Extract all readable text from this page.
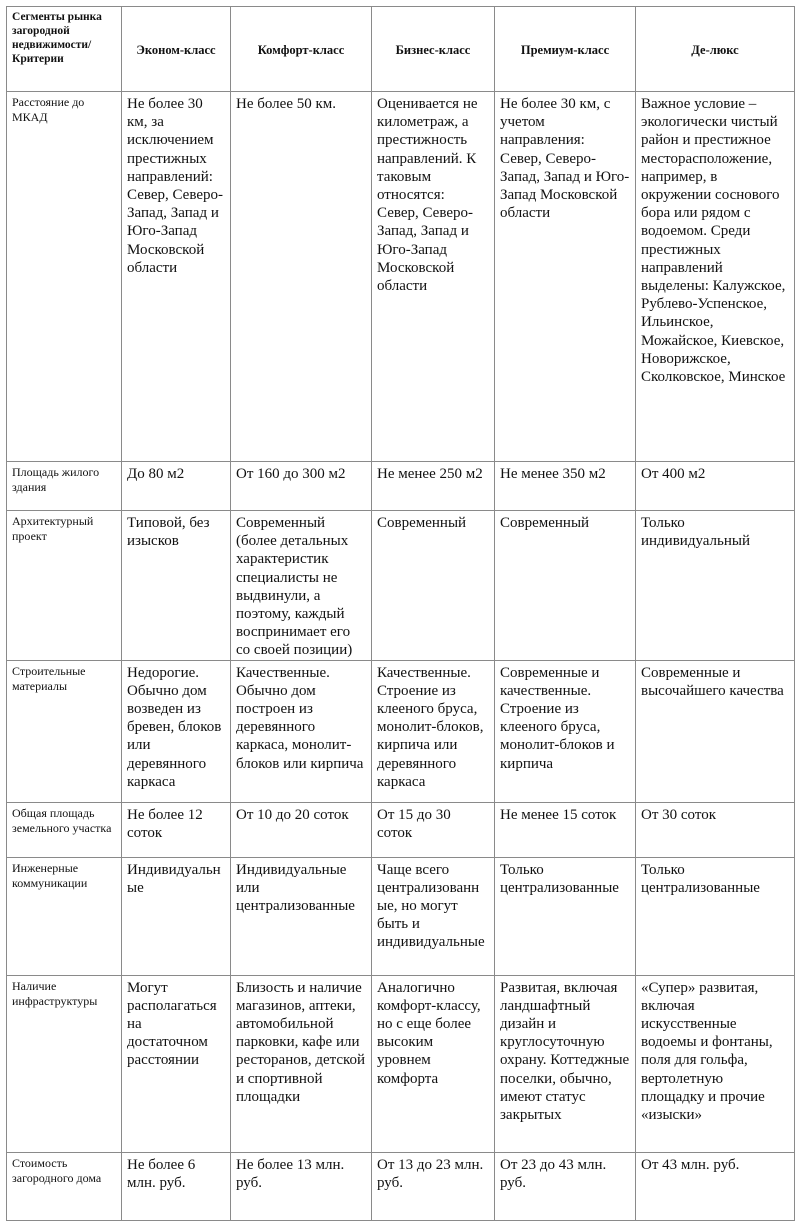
Сегменты рынка загородной недвижимости/ Критерии	Эконом-класс	Комфорт-класс	Бизнес-класс	Премиум-класс	Де-люкс
Расстояние до МКАД	Не более 30 км, за исключением престижных направлений: Север, Северо-Запад, Запад и Юго-Запад Московской области	Не более 50 км.	Оценивается не километраж, а престижность направлений. К таковым относятся: Север, Северо-Запад, Запад и Юго-Запад Московской области	Не более 30 км, с учетом направления: Север, Северо-Запад, Запад и Юго-Запад Московской области	Важное условие – экологически чистый район и престижное месторасположение, например, в окружении соснового бора или рядом с водоемом. Среди престижных направлений выделены: Калужское, Рублево-Успенское, Ильинское, Можайское, Киевское, Новорижское, Сколковское, Минское
Площадь жилого здания	До 80 м2	От 160 до 300 м2	Не менее 250 м2	Не менее 350 м2	От 400 м2
Архитектурный проект	Типовой, без изысков	Современный (более детальных характеристик специалисты не выдвинули, а поэтому, каждый воспринимает его со своей позиции)	Современный	Современный	Только индивидуальный
Строительные материалы	Недорогие. Обычно дом возведен из бревен, блоков или деревянного каркаса	Качественные. Обычно дом построен из деревянного каркаса, монолит-блоков или кирпича	Качественные. Строение из клееного бруса, монолит-блоков, кирпича или деревянного каркаса	Современные и качественные. Строение из клееного бруса, монолит-блоков и кирпича	Современные и высочайшего качества
Общая площадь земельного участка	Не более 12 соток	От 10 до 20 соток	От 15 до 30 соток	Не менее 15 соток	От 30 соток
Инженерные коммуникации	Индивидуальн ые	Индивидуальные или централизованные	Чаще всего централизованн ые, но могут быть и индивидуальные	Только централизованные	Только централизованные
Наличие инфраструктуры	Могут располагаться на достаточном расстоянии	Близость и наличие магазинов, аптеки, автомобильной парковки, кафе или ресторанов, детской и спортивной площадки	Аналогично комфорт-классу, но с еще более высоким уровнем комфорта	Развитая, включая ландшафтный дизайн и круглосуточную охрану. Коттеджные поселки, обычно, имеют статус закрытых	«Супер» развитая, включая искусственные водоемы и фонтаны, поля для гольфа, вертолетную площадку и прочие «изыски»
Стоимость загородного дома	Не более 6 млн. руб.	Не более 13 млн. руб.	От 13 до 23 млн. руб.	От 23 до 43 млн. руб.	От 43 млн. руб.
